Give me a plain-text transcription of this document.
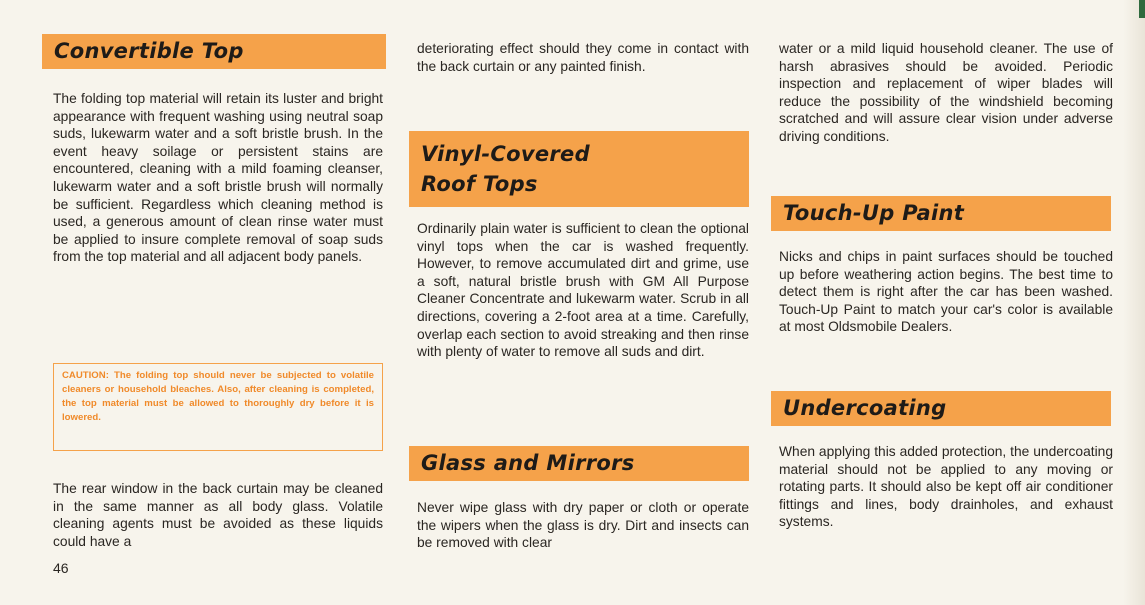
Convertible Top

The folding top material will retain its luster and bright appearance with frequent washing using neutral soap suds, lukewarm water and a soft bristle brush. In the event heavy soilage or persistent stains are encountered, cleaning with a mild foaming cleanser, lukewarm water and a soft bristle brush will normally be sufficient. Regardless which cleaning method is used, a generous amount of clean rinse water must be applied to insure complete removal of soap suds from the top material and all adjacent body panels.

CAUTION: The folding top should never be subjected to volatile cleaners or household bleaches. Also, after cleaning is completed, the top material must be allowed to thoroughly dry before it is lowered.

The rear window in the back curtain may be cleaned in the same manner as all body glass. Volatile cleaning agents must be avoided as these liquids could have a

46

deteriorating effect should they come in contact with the back curtain or any painted finish.

Vinyl-Covered
Roof Tops

Ordinarily plain water is sufficient to clean the optional vinyl tops when the car is washed frequently. However, to remove accumulated dirt and grime, use a soft, natural bristle brush with GM All Purpose Cleaner Concentrate and lukewarm water. Scrub in all directions, covering a 2-foot area at a time. Carefully, overlap each section to avoid streaking and then rinse with plenty of water to remove all suds and dirt.

Glass and Mirrors

Never wipe glass with dry paper or cloth or operate the wipers when the glass is dry. Dirt and insects can be removed with clear

water or a mild liquid household cleaner. The use of harsh abrasives should be avoided. Periodic inspection and replacement of wiper blades will reduce the possibility of the windshield becoming scratched and will assure clear vision under adverse driving conditions.

Touch-Up Paint

Nicks and chips in paint surfaces should be touched up before weathering action begins. The best time to detect them is right after the car has been washed. Touch-Up Paint to match your car's color is available at most Oldsmobile Dealers.

Undercoating

When applying this added protection, the undercoating material should not be applied to any moving or rotating parts. It should also be kept off air conditioner fittings and lines, body drainholes, and exhaust systems.
